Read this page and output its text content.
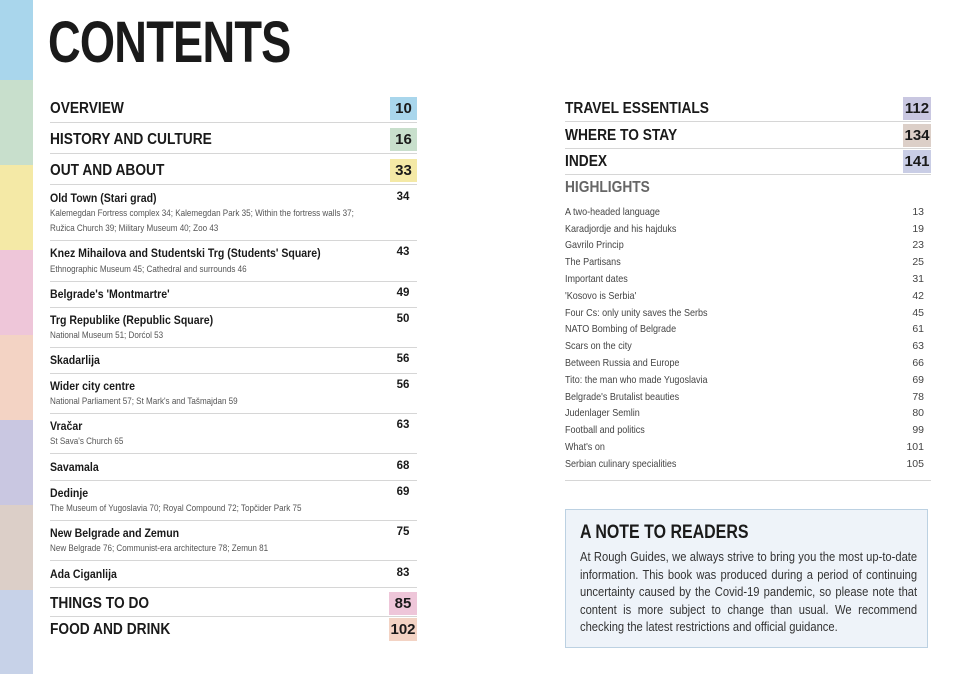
CONTENTS
OVERVIEW	10
HISTORY AND CULTURE	16
OUT AND ABOUT	33
Old Town (Stari grad)	34
Kalemegdan Fortress complex 34; Kalemegdan Park 35; Within the fortress walls 37;
Ružica Church 39; Military Museum 40; Zoo 43
Knez Mihailova and Studentski Trg (Students' Square)	43
Ethnographic Museum 45; Cathedral and surrounds 46
Belgrade's 'Montmartre'	49
Trg Republike (Republic Square)	50
National Museum 51; Dorćol 53
Skadarlija	56
Wider city centre	56
National Parliament 57; St Mark's and Tašmajdan 59
Vračar	63
St Sava's Church 65
Savamala	68
Dedinje	69
The Museum of Yugoslavia 70; Royal Compound 72; Topčider Park 75
New Belgrade and Zemun	75
New Belgrade 76; Communist-era architecture 78; Zemun 81
Ada Ciganlija	83
THINGS TO DO	85
FOOD AND DRINK	102
TRAVEL ESSENTIALS	112
WHERE TO STAY	134
INDEX	141
HIGHLIGHTS
A two-headed language	13
Karadjordje and his hajduks	19
Gavrilo Princip	23
The Partisans	25
Important dates	31
'Kosovo is Serbia'	42
Four Cs: only unity saves the Serbs	45
NATO Bombing of Belgrade	61
Scars on the city	63
Between Russia and Europe	66
Tito: the man who made Yugoslavia	69
Belgrade's Brutalist beauties	78
Judenlager Semlin	80
Football and politics	99
What's on	101
Serbian culinary specialities	105
A NOTE TO READERS
At Rough Guides, we always strive to bring you the most up-to-date information. This book was produced during a period of continuing uncertainty caused by the Covid-19 pandemic, so please note that content is more subject to change than usual. We recommend checking the latest restrictions and official guidance.
